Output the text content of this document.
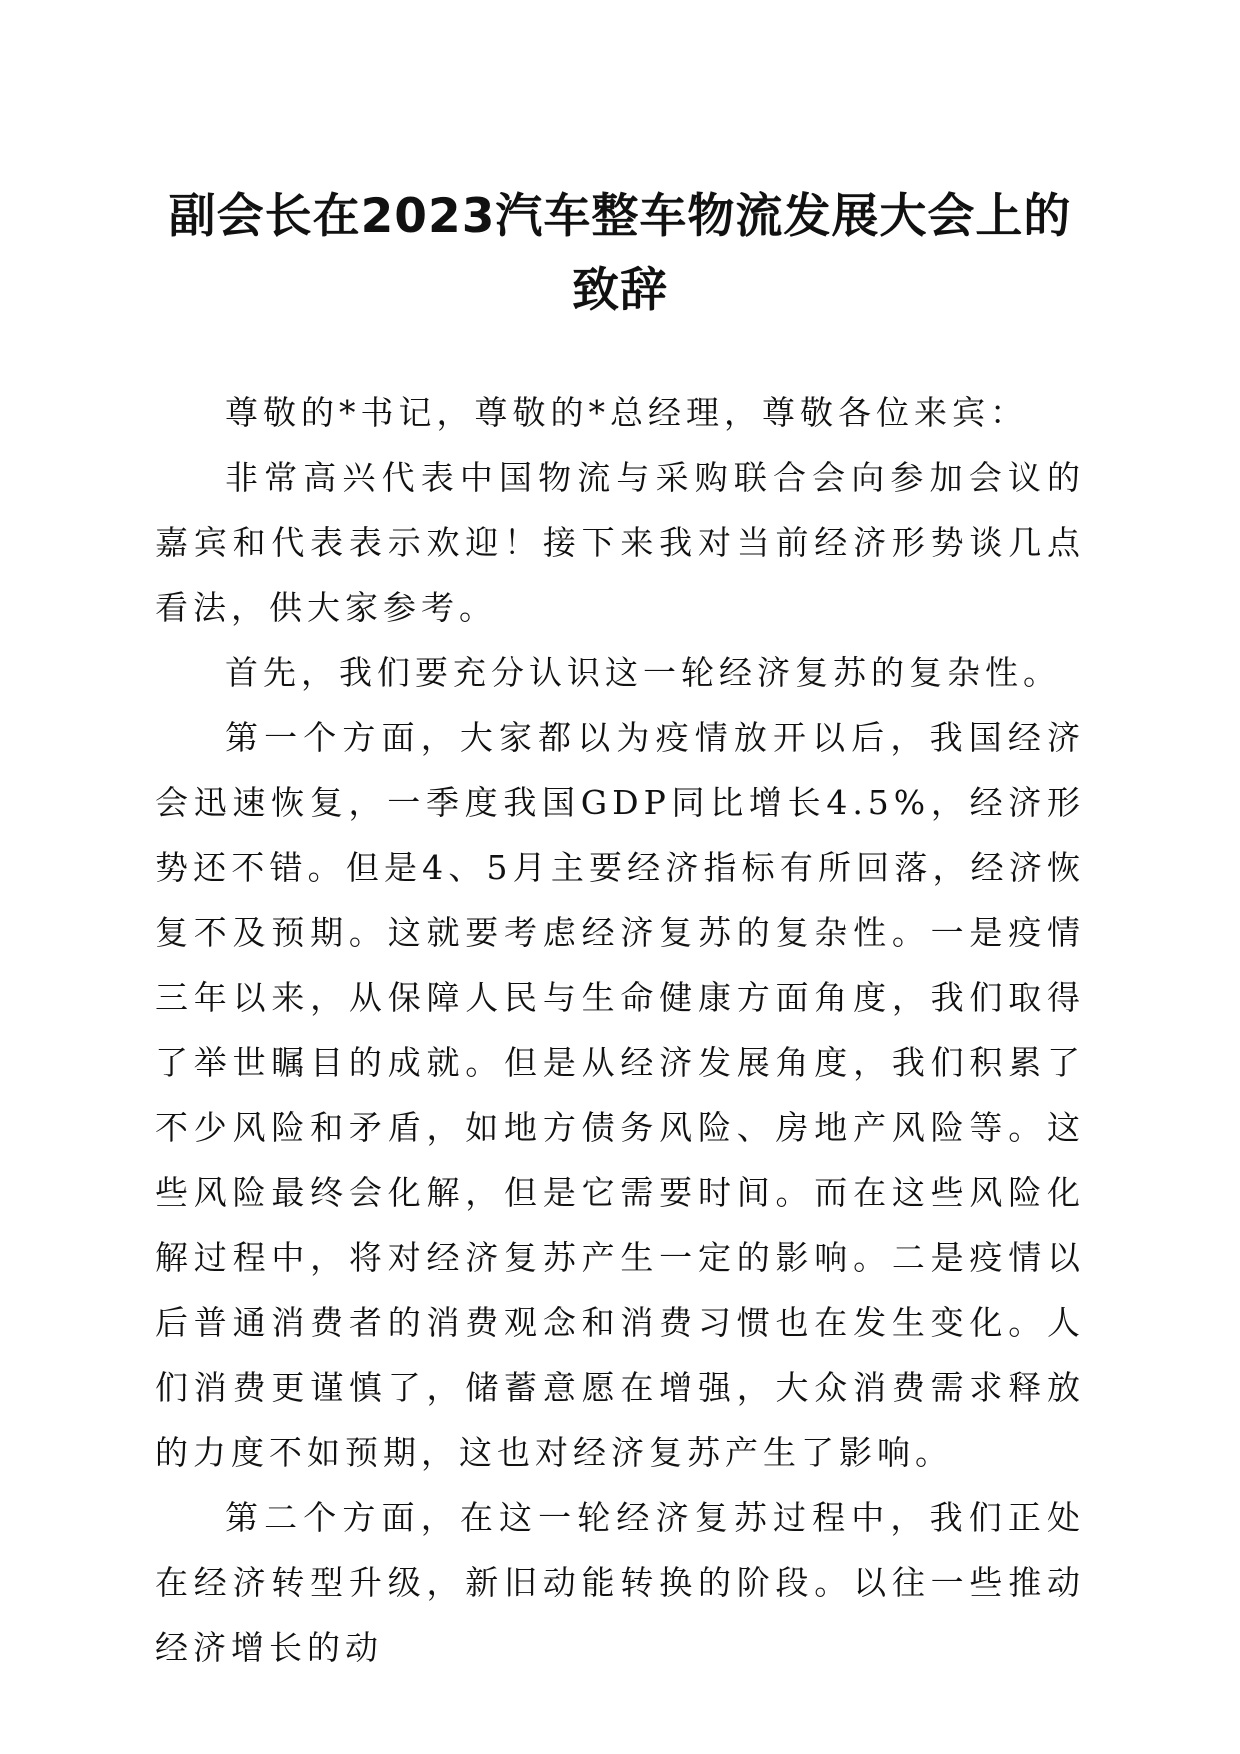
副会长在2023汽车整车物流发展大会上的致辞

尊敬的*书记，尊敬的*总经理，尊敬各位来宾：

非常高兴代表中国物流与采购联合会向参加会议的嘉宾和代表表示欢迎！接下来我对当前经济形势谈几点看法，供大家参考。

首先，我们要充分认识这一轮经济复苏的复杂性。

第一个方面，大家都以为疫情放开以后，我国经济会迅速恢复，一季度我国GDP同比增长4.5%，经济形势还不错。但是4、5月主要经济指标有所回落，经济恢复不及预期。这就要考虑经济复苏的复杂性。一是疫情三年以来，从保障人民与生命健康方面角度，我们取得了举世瞩目的成就。但是从经济发展角度，我们积累了不少风险和矛盾，如地方债务风险、房地产风险等。这些风险最终会化解，但是它需要时间。而在这些风险化解过程中，将对经济复苏产生一定的影响。二是疫情以后普通消费者的消费观念和消费习惯也在发生变化。人们消费更谨慎了，储蓄意愿在增强，大众消费需求释放的力度不如预期，这也对经济复苏产生了影响。

第二个方面，在这一轮经济复苏过程中，我们正处在经济转型升级，新旧动能转换的阶段。以往一些推动经济增长的动
